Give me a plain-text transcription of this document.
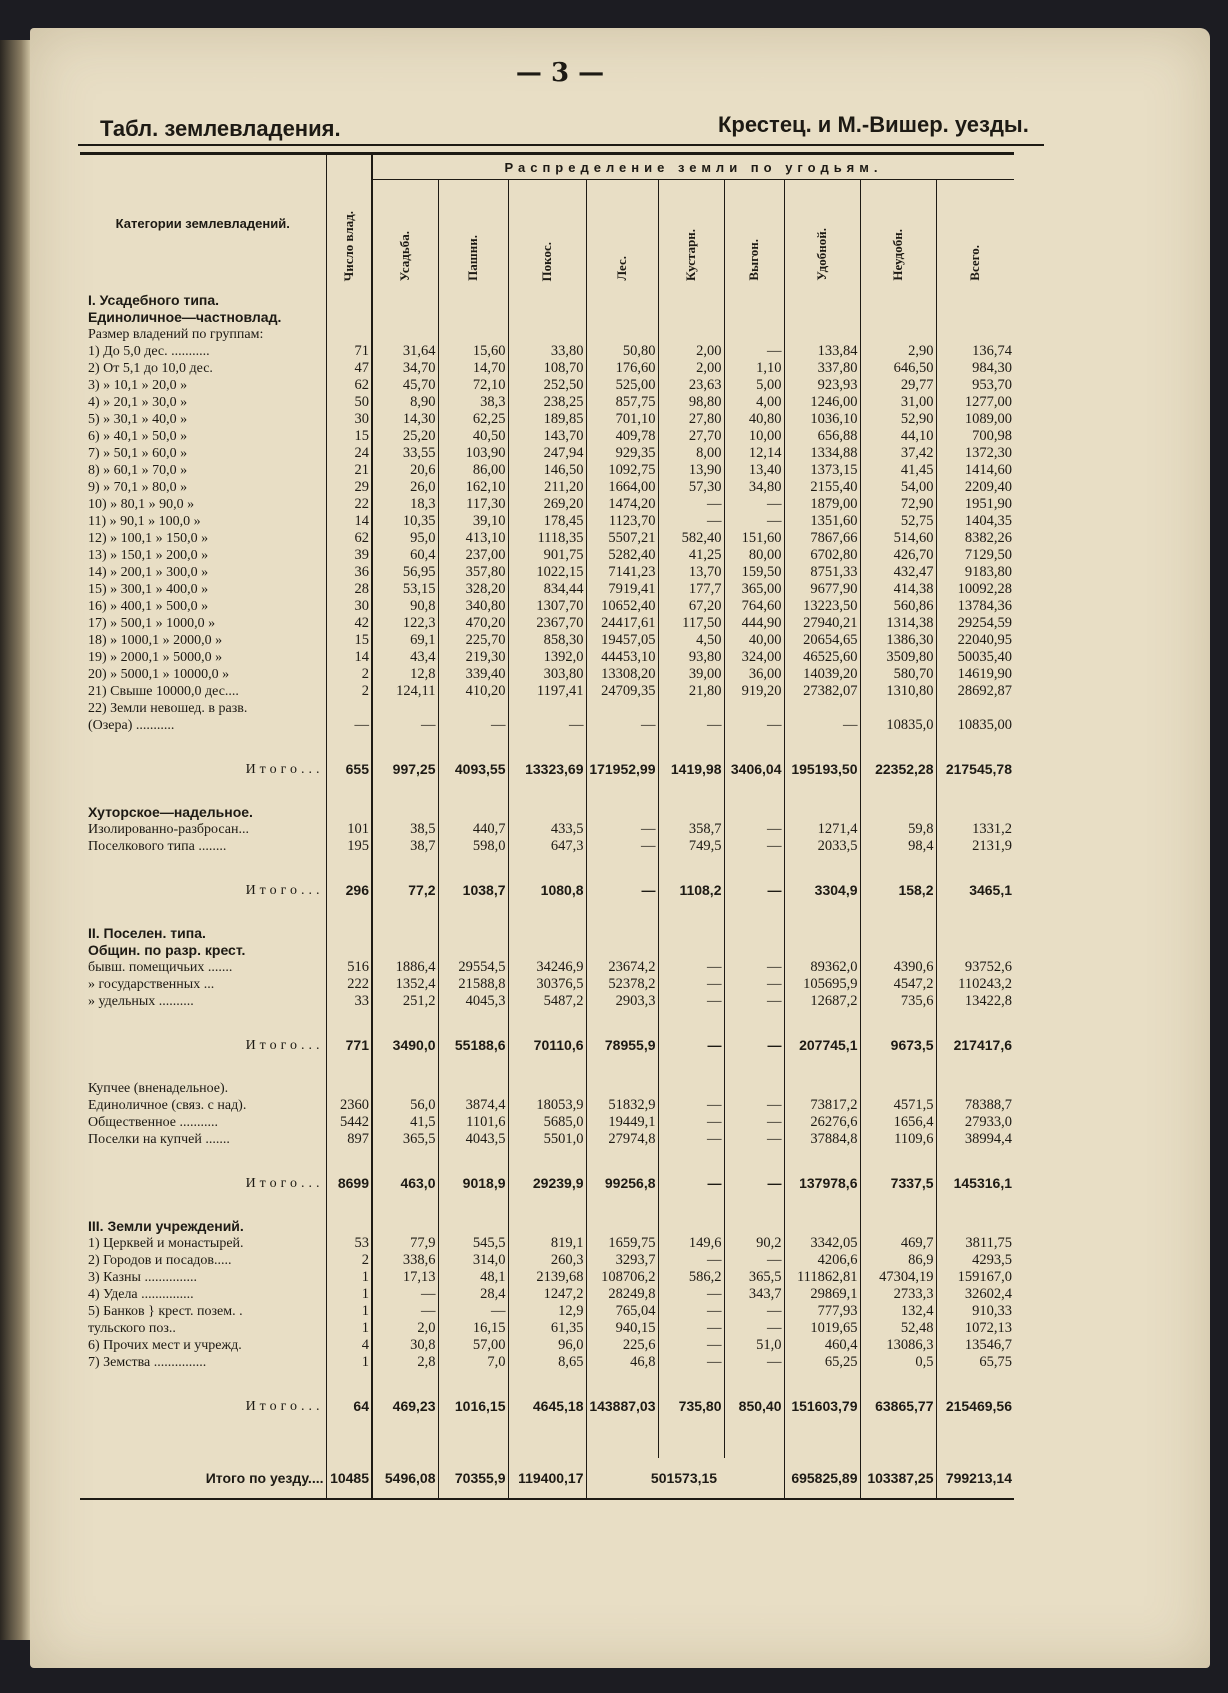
— 3 —
Табл. землевладения.	Крестец. и М.-Вишер. уезды.
Категории землевладений.	Число влад.	Распределение земли по угодьям.								
		Усадьба.	Пашни.	Покос.	Лес.	Кустарн.	Выгон.	Удобной.	Неудобн.	Всего.
I. Усадебного типа.										
Единоличное—частновлад.										
Размер владений по группам:										
1) До 5,0 дес. ...........	71	31,64	15,60	33,80	50,80	2,00	—	133,84	2,90	136,74
2) От 5,1 до 10,0 дес.	47	34,70	14,70	108,70	176,60	2,00	1,10	337,80	646,50	984,30
3) » 10,1 » 20,0 »	62	45,70	72,10	252,50	525,00	23,63	5,00	923,93	29,77	953,70
4) » 20,1 » 30,0 »	50	8,90	38,3	238,25	857,75	98,80	4,00	1246,00	31,00	1277,00
5) » 30,1 » 40,0 »	30	14,30	62,25	189,85	701,10	27,80	40,80	1036,10	52,90	1089,00
6) » 40,1 » 50,0 »	15	25,20	40,50	143,70	409,78	27,70	10,00	656,88	44,10	700,98
7) » 50,1 » 60,0 »	24	33,55	103,90	247,94	929,35	8,00	12,14	1334,88	37,42	1372,30
8) » 60,1 » 70,0 »	21	20,6	86,00	146,50	1092,75	13,90	13,40	1373,15	41,45	1414,60
9) » 70,1 » 80,0 »	29	26,0	162,10	211,20	1664,00	57,30	34,80	2155,40	54,00	2209,40
10) » 80,1 » 90,0 »	22	18,3	117,30	269,20	1474,20	—	—	1879,00	72,90	1951,90
11) » 90,1 » 100,0 »	14	10,35	39,10	178,45	1123,70	—	—	1351,60	52,75	1404,35
12) » 100,1 » 150,0 »	62	95,0	413,10	1118,35	5507,21	582,40	151,60	7867,66	514,60	8382,26
13) » 150,1 » 200,0 »	39	60,4	237,00	901,75	5282,40	41,25	80,00	6702,80	426,70	7129,50
14) » 200,1 » 300,0 »	36	56,95	357,80	1022,15	7141,23	13,70	159,50	8751,33	432,47	9183,80
15) » 300,1 » 400,0 »	28	53,15	328,20	834,44	7919,41	177,7	365,00	9677,90	414,38	10092,28
16) » 400,1 » 500,0 »	30	90,8	340,80	1307,70	10652,40	67,20	764,60	13223,50	560,86	13784,36
17) » 500,1 » 1000,0 »	42	122,3	470,20	2367,70	24417,61	117,50	444,90	27940,21	1314,38	29254,59
18) » 1000,1 » 2000,0 »	15	69,1	225,70	858,30	19457,05	4,50	40,00	20654,65	1386,30	22040,95
19) » 2000,1 » 5000,0 »	14	43,4	219,30	1392,0	44453,10	93,80	324,00	46525,60	3509,80	50035,40
20) » 5000,1 » 10000,0 »	2	12,8	339,40	303,80	13308,20	39,00	36,00	14039,20	580,70	14619,90
21) Свыше 10000,0 дес....	2	124,11	410,20	1197,41	24709,35	21,80	919,20	27382,07	1310,80	28692,87
22) Земли невошед. в разв.										
(Озера) ...........	—	—	—	—	—	—	—	—	10835,0	10835,00

Итого...	655	997,25	4093,55	13323,69	171952,99	1419,98	3406,04	195193,50	22352,28	217545,78

Хуторское—надельное.										
Изолированно-разбросан...	101	38,5	440,7	433,5	—	358,7	—	1271,4	59,8	1331,2
Поселкового типа ........	195	38,7	598,0	647,3	—	749,5	—	2033,5	98,4	2131,9

Итого...	296	77,2	1038,7	1080,8	—	1108,2	—	3304,9	158,2	3465,1

II. Поселен. типа.										
Общин. по разр. крест.										
бывш. помещичьих .......	516	1886,4	29554,5	34246,9	23674,2	—	—	89362,0	4390,6	93752,6
» государственных ...	222	1352,4	21588,8	30376,5	52378,2	—	—	105695,9	4547,2	110243,2
» удельных ..........	33	251,2	4045,3	5487,2	2903,3	—	—	12687,2	735,6	13422,8

Итого...	771	3490,0	55188,6	70110,6	78955,9	—	—	207745,1	9673,5	217417,6

Купчее (вненадельное).										
Единоличное (связ. с над).	2360	56,0	3874,4	18053,9	51832,9	—	—	73817,2	4571,5	78388,7
Общественное ...........	5442	41,5	1101,6	5685,0	19449,1	—	—	26276,6	1656,4	27933,0
Поселки на купчей .......	897	365,5	4043,5	5501,0	27974,8	—	—	37884,8	1109,6	38994,4

Итого...	8699	463,0	9018,9	29239,9	99256,8	—	—	137978,6	7337,5	145316,1

III. Земли учреждений.										
1) Церквей и монастырей.	53	77,9	545,5	819,1	1659,75	149,6	90,2	3342,05	469,7	3811,75
2) Городов и посадов.....	2	338,6	314,0	260,3	3293,7	—	—	4206,6	86,9	4293,5
3) Казны ...............	1	17,13	48,1	2139,68	108706,2	586,2	365,5	111862,81	47304,19	159167,0
4) Удела ...............	1	—	28,4	1247,2	28249,8	—	343,7	29869,1	2733,3	32602,4
5) Банков } крест. позем. .	1	—	—	12,9	765,04	—	—	777,93	132,4	910,33
тульского поз..	1	2,0	16,15	61,35	940,15	—	—	1019,65	52,48	1072,13
6) Прочих мест и учрежд.	4	30,8	57,00	96,0	225,6	—	51,0	460,4	13086,3	13546,7
7) Земства ...............	1	2,8	7,0	8,65	46,8	—	—	65,25	0,5	65,75

Итого...	64	469,23	1016,15	4645,18	143887,03	735,80	850,40	151603,79	63865,77	215469,56

Итого по уезду....	10485	5496,08	70355,9	119400,17	501573,15			695825,89	103387,25	799213,14
